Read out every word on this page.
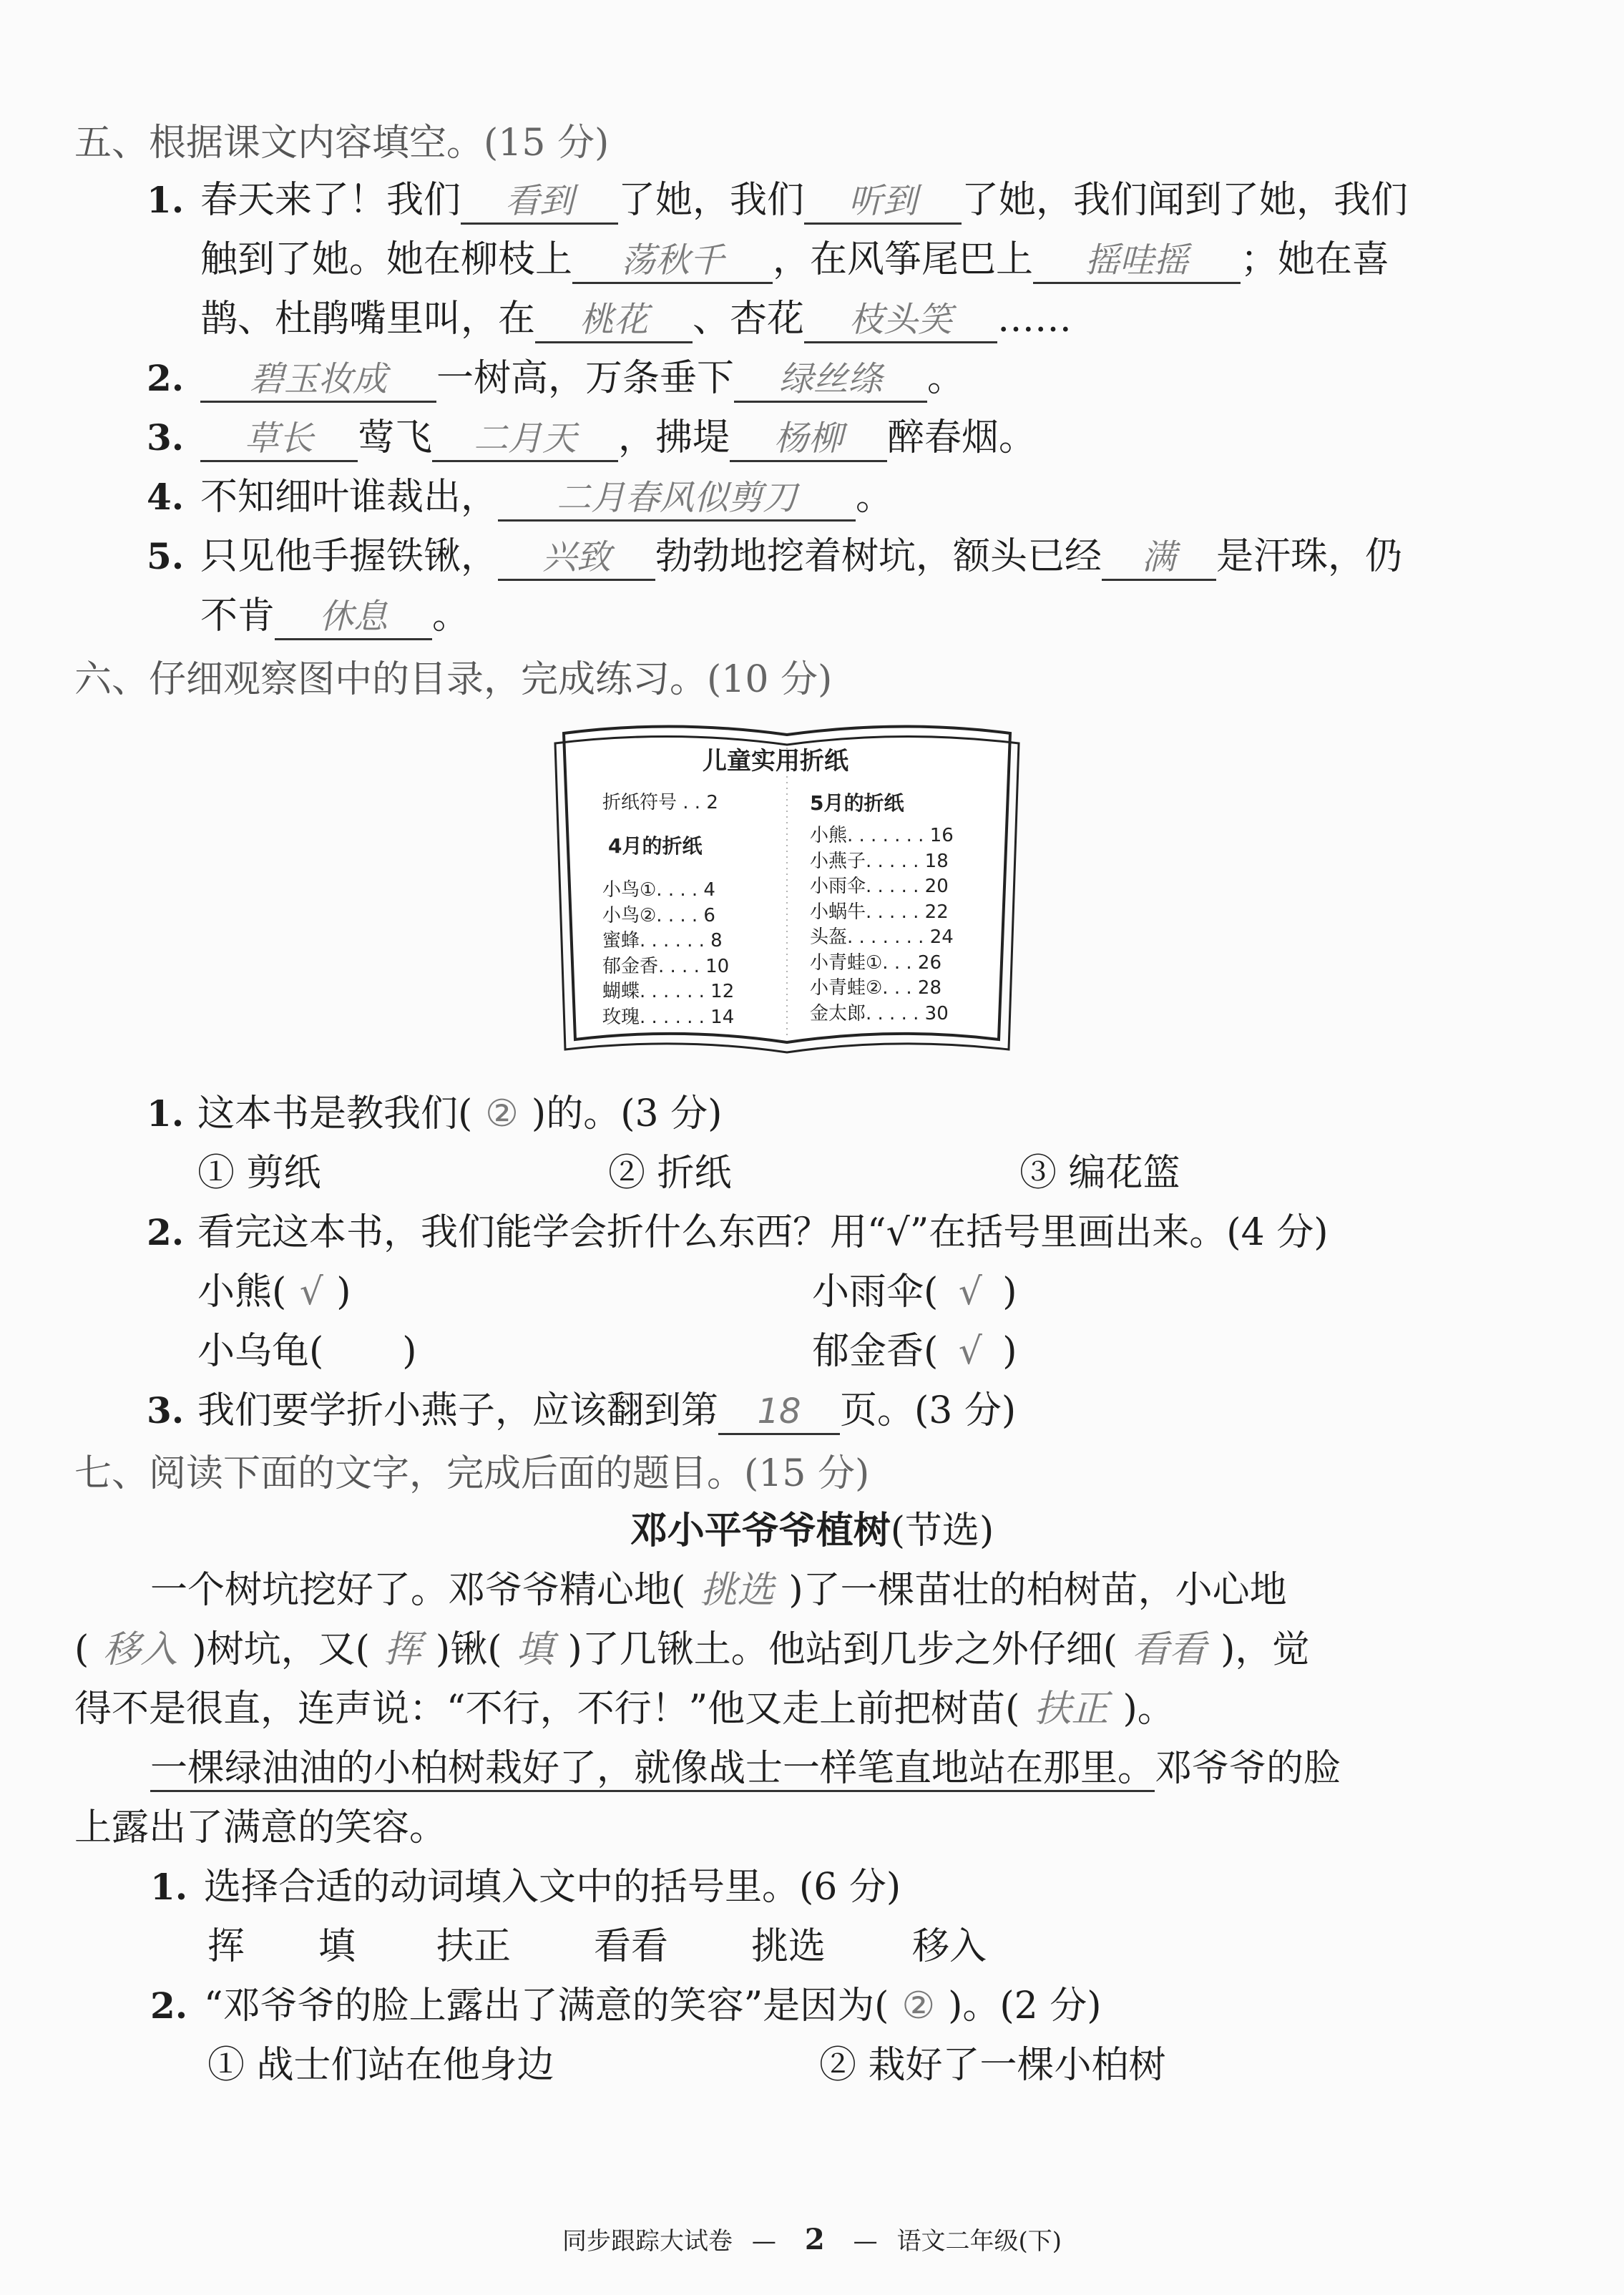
五、根据课文内容填空。(15 分)
1. 春天来了！我们 看到 了她，我们 听到 了她，我们闻到了她，我们
触到了她。她在柳枝上 荡秋千 ，在风筝尾巴上 摇哇摇 ；她在喜
鹊、杜鹃嘴里叫，在 桃花 、杏花 枝头笑 ……
2.	碧玉妆成 一树高，万条垂下 绿丝绦 。
3.	草长 莺飞 二月天 ，拂堤 杨柳 醉春烟。
4. 不知细叶谁裁出， 二月春风似剪刀 。
5. 只见他手握铁锹， 兴致 勃勃地挖着树坑，额头已经 满 是汗珠，仍
不肯 休息 。
六、仔细观察图中的目录，完成练习。(10 分)
儿童实用折纸
折纸符号 . . 2	5月的折纸
4月的折纸
小鸟①. . . . 4
小鸟②. . . . 6
蜜蜂. . . . . . 8
郁金香. . . . 10
蝴蝶. . . . . . 12
玫瑰. . . . . . 14
小熊. . . . . . . 16
小燕子. . . . . 18
小雨伞. . . . . 20
小蜗牛. . . . . 22
头盔. . . . . . . 24
小青蛙①. . . 26
小青蛙②. . . 28
金太郎. . . . . 30
1. 这本书是教我们( ② )的。(3 分)
① 剪纸	② 折纸	③ 编花篮
2. 看完这本书，我们能学会折什么东西？用“√”在括号里画出来。(4 分)
小熊( √ )	小雨伞( √ )
小乌龟( )	郁金香( √ )
3. 我们要学折小燕子，应该翻到第 18 页。(3 分)
七、阅读下面的文字，完成后面的题目。(15 分)
邓小平爷爷植树(节选)
一个树坑挖好了。邓爷爷精心地( 挑选 )了一棵苗壮的柏树苗，小心地
( 移入 )树坑，又( 挥 )锹( 填 )了几锹土。他站到几步之外仔细( 看看 )，觉
得不是很直，连声说：“不行，不行！”他又走上前把树苗( 扶正 )。
一棵绿油油的小柏树栽好了，就像战士一样笔直地站在那里。邓爷爷的脸
上露出了满意的笑容。
1. 选择合适的动词填入文中的括号里。(6 分)
挥 填 扶正 看看 挑选 移入
2. “邓爷爷的脸上露出了满意的笑容”是因为( ② )。(2 分)
① 战士们站在他身边	② 栽好了一棵小柏树
同步跟踪大试卷 — 2 — 语文二年级(下)
